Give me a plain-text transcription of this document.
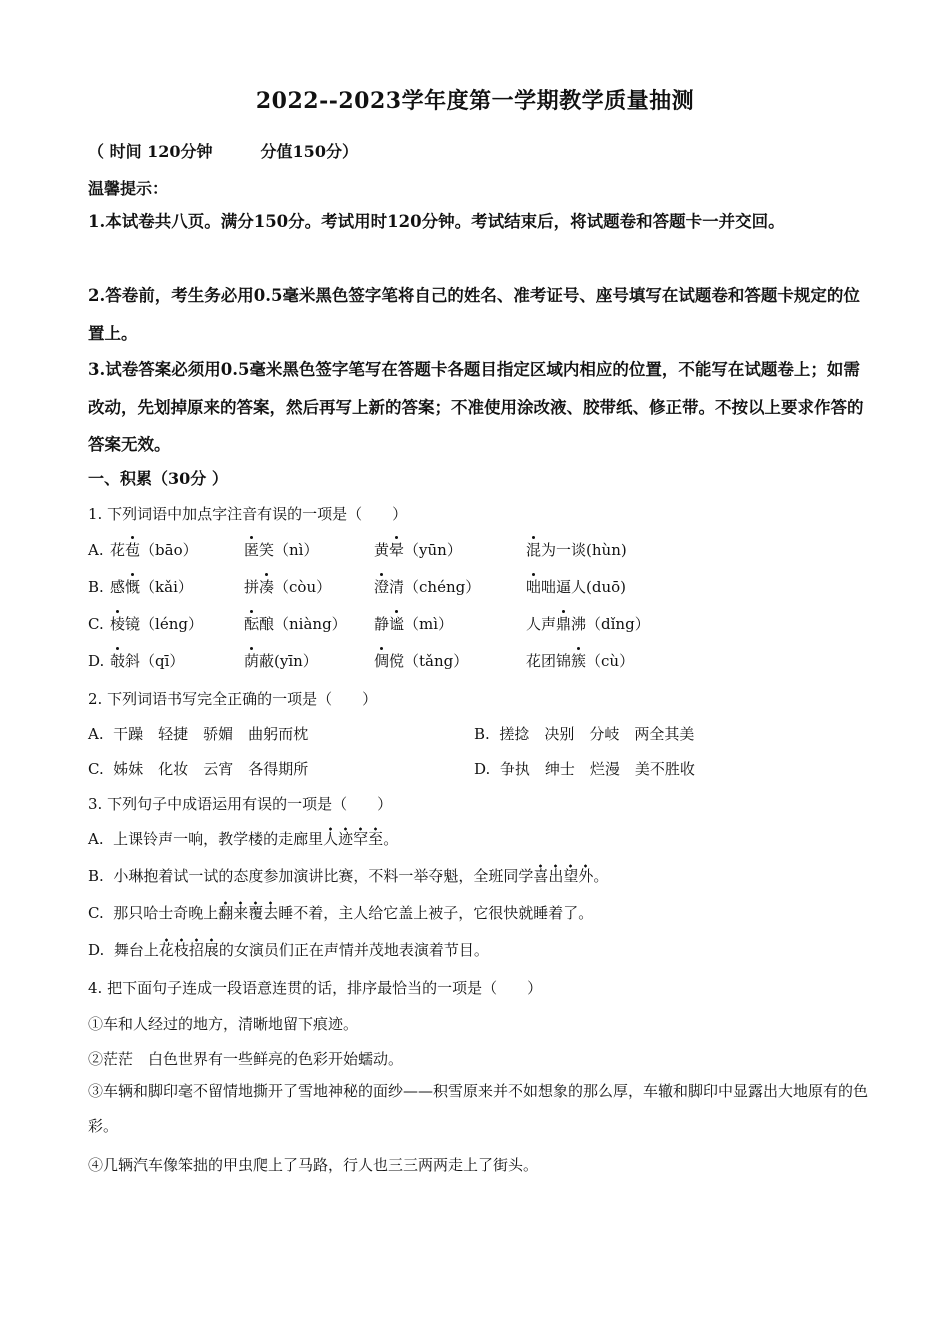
2022--2023学年度第一学期教学质量抽测
（ 时间 120分钟	分值150分）
温馨提示：
1.本试卷共八页。满分150分。考试用时120分钟。考试结束后，将试题卷和答题卡一并交回。
2.答卷前，考生务必用0.5毫米黑色签字笔将自己的姓名、准考证号、座号填写在试题卷和答题卡规定的位置上。
3.试卷答案必须用0.5毫米黑色签字笔写在答题卡各题目指定区域内相应的位置，不能写在试题卷上；如需改动，先划掉原来的答案，然后再写上新的答案；不准使用涂改液、胶带纸、修正带。不按以上要求作答的答案无效。
一、积累（30分 ）
1. 下列词语中加点字注音有误的一项是（　　）
A. 花苞（bāo）	匿笑（nì）	黄晕（yūn）	混为一谈(hùn)
B. 感慨（kǎi）	拼凑（còu）	澄清（chéng）	咄咄逼人(duō)
C. 棱镜（léng）	酝酿（niàng） 静谧（mì）	人声鼎沸（dǐng）
D. 攲斜（qī）	荫蔽(yīn）	倜傥（tǎng）	花团锦簇（cù）
2. 下列词语书写完全正确的一项是（　　）
A. 干躁　轻捷　骄媚　曲躬而枕	B. 搓捻　决别　分岐　两全其美
C. 姊妹　化妆　云宵　各得期所	D. 争执　绅士　烂漫　美不胜收
3. 下列句子中成语运用有误的一项是（　　）
A. 上课铃声一响，教学楼的走廊里人迹罕至。
B. 小琳抱着试一试的态度参加演讲比赛，不料一举夺魁，全班同学喜出望外。
C. 那只哈士奇晚上翻来覆去睡不着，主人给它盖上被子，它很快就睡着了。
D. 舞台上花枝招展的女演员们正在声情并茂地表演着节目。
4. 把下面句子连成一段语意连贯的话，排序最恰当的一项是（　　）
①车和人经过的地方，清晰地留下痕迹。
②茫茫　白色世界有一些鲜亮的色彩开始蠕动。
③车辆和脚印毫不留情地撕开了雪地神秘的面纱——积雪原来并不如想象的那么厚，车辙和脚印中显露出大地原有的色彩。
④几辆汽车像笨拙的甲虫爬上了马路，行人也三三两两走上了街头。
